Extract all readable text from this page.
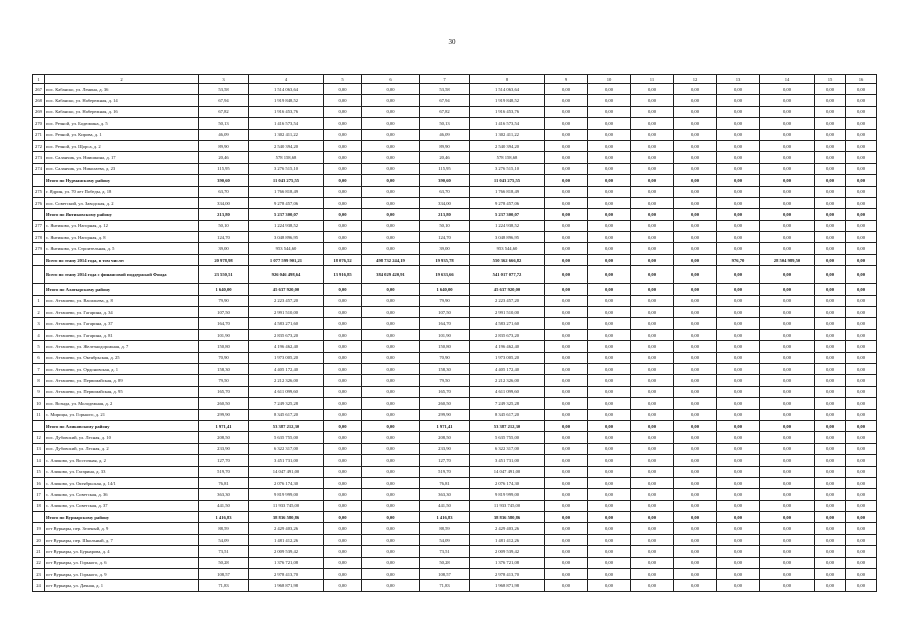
30
1	2	3	4	5	6	7	8	9	10	11	12	13	14	15	16
267	пос. Кабанско, ул. Ленина, д. 36	53,58	1 514 063,64	0,00	0,00	53,58	1 514 063,64	0,00	0,00	0,00	0,00	0,00	0,00	0,00	0,00
268	пос. Кабанско, ул. Набережная, д. 14	67,94	1 919 848,52	0,00	0,00	67,94	1 919 848,52	0,00	0,00	0,00	0,00	0,00	0,00	0,00	0,00
269	пос. Кабанско, ул. Набережная, д. 16	67,82	1 916 453,76	0,00	0,00	67,82	1 916 453,76	0,00	0,00	0,00	0,00	0,00	0,00	0,00	0,00
270	пос. Речной, ул. Бодюмина, д. 5	50,13	1 416 573,54	0,00	0,00	50,13	1 416 573,54	0,00	0,00	0,00	0,00	0,00	0,00	0,00	0,00
271	пос. Речной, ул. Кирова, д. 1	46,09	1 302 411,22	0,00	0,00	46,09	1 302 411,22	0,00	0,00	0,00	0,00	0,00	0,00	0,00	0,00
272	пос. Речной, ул. Щорса, д. 2	89,90	2 540 394,20	0,00	0,00	89,90	2 540 394,20	0,00	0,00	0,00	0,00	0,00	0,00	0,00	0,00
273	пос. Саланчик, ул. Ниишкина, д. 17	20,46	578 158,68	0,00	0,00	20,46	578 158,68	0,00	0,00	0,00	0,00	0,00	0,00	0,00	0,00
274	пос. Саланчик, ул. Николаева, д. 23	115,95	3 276 515,10	0,00	0,00	115,95	3 276 515,10	0,00	0,00	0,00	0,00	0,00	0,00	0,00	0,00
	Итого по Нурманскому району	390,60	11 043 275,55	0,00	0,00	390,60	11 043 275,55	0,00	0,00	0,00	0,00	0,00	0,00	0,00	0,00
275	г. Ядрин, ул. 70 лет Победы, д. 18	63,70	1 766 818,49	0,00	0,00	63,70	1 766 818,49	0,00	0,00	0,00	0,00	0,00	0,00	0,00	0,00
276	пос. Советский, ул. Заводская, д. 2	334,00	9 278 457,06	0,00	0,00	334,00	9 278 457,06	0,00	0,00	0,00	0,00	0,00	0,00	0,00	0,00
	Итого по Янтиковскому району	213,80	5 237 300,07	0,00	0,00	213,80	5 237 300,07	0,00	0,00	0,00	0,00	0,00	0,00	0,00	0,00
277	с. Янтиково, ул. Нагорная, д. 12	50,10	1 224 938,52	0,00	0,00	50,10	1 224 938,52	0,00	0,00	0,00	0,00	0,00	0,00	0,00	0,00
278	с. Янтиково, ул. Нагорная, д. 8	124,70	3 048 896,95	0,00	0,00	124,70	3 048 896,95	0,00	0,00	0,00	0,00	0,00	0,00	0,00	0,00
279	с. Янтиково, ул. Строительная, д. 5	39,00	953 544,60	0,00	0,00	39,00	953 544,60	0,00	0,00	0,00	0,00	0,00	0,00	0,00	0,00
	Всего по этапу 2014 года, в том числе:	20 978,98	1 077 599 901,21	18 076,52	498 732 244,19	19 935,78	550 362 666,82	0,00	0,00	0,00	0,00	976,70	28 504 989,50	0,00	0,00
	Всего по этапу 2014 года с финансовой поддержкой Фонда	23 550,51	926 046 498,64	13 916,85	384 029 420,91	19 633,66	541 017 077,72	0,00	0,00	0,00	0,00	0,00	0,00	0,00	0,00
	Итого по Алатырскому району	1 640,00	45 637 920,00	0,00	0,00	1 640,00	45 637 920,00	0,00	0,00	0,00	0,00	0,00	0,00	0,00	0,00
1	пос. Атташево, ул. Васильева, д. 8	79,90	2 223 457,20	0,00	0,00	79,90	2 223 457,20	0,00	0,00	0,00	0,00	0,00	0,00	0,00	0,00
2	пос. Атташево, ул. Гагарина, д. 34	107,50	2 991 510,00	0,00	0,00	107,50	2 991 510,00	0,00	0,00	0,00	0,00	0,00	0,00	0,00	0,00
3	пос. Атташево, ул. Гагарина, д. 37	164,70	4 583 271,60	0,00	0,00	164,70	4 583 271,60	0,00	0,00	0,00	0,00	0,00	0,00	0,00	0,00
4	пос. Атташево, ул. Гагарина, д. 81	101,90	2 835 673,20	0,00	0,00	101,90	2 835 673,20	0,00	0,00	0,00	0,00	0,00	0,00	0,00	0,00
5	пос. Атташево, ул. Железнодорожная, д. 7	150,80	4 196 462,40	0,00	0,00	150,80	4 196 462,40	0,00	0,00	0,00	0,00	0,00	0,00	0,00	0,00
6	пос. Атташево, ул. Октябрьская, д. 25	70,90	1 973 005,20	0,00	0,00	70,90	1 973 005,20	0,00	0,00	0,00	0,00	0,00	0,00	0,00	0,00
7	пос. Атташево, ул. Ордоновская, д. 1	158,30	4 405 172,40	0,00	0,00	158,30	4 405 172,40	0,00	0,00	0,00	0,00	0,00	0,00	0,00	0,00
8	пос. Атташево, ул. Первомайская, д. 89	79,50	2 212 326,00	0,00	0,00	79,50	2 212 326,00	0,00	0,00	0,00	0,00	0,00	0,00	0,00	0,00
9	пос. Атташево, ул. Первомайская, д. 95	165,70	4 611 099,60	0,00	0,00	165,70	4 611 099,60	0,00	0,00	0,00	0,00	0,00	0,00	0,00	0,00
10	пос. Вознда, ул. Молодежная, д. 2	260,50	7 249 325,28	0,00	0,00	260,50	7 249 325,28	0,00	0,00	0,00	0,00	0,00	0,00	0,00	0,00
11	с. Мирицы, ул. Горького, д. 21	299,90	8 345 617,20	0,00	0,00	299,90	8 345 617,20	0,00	0,00	0,00	0,00	0,00	0,00	0,00	0,00
	Итого по Аликовскому району	1 971,41	53 387 212,30	0,00	0,00	1 971,41	53 387 212,30	0,00	0,00	0,00	0,00	0,00	0,00	0,00	0,00
12	пос. Дубовский, ул. Лесная, д. 10	208,50	5 635 755,00	0,00	0,00	208,50	5 635 755,00	0,00	0,00	0,00	0,00	0,00	0,00	0,00	0,00
13	пос. Дубовский, ул. Лесная, д. 2	233,90	6 322 317,00	0,00	0,00	233,90	6 322 317,00	0,00	0,00	0,00	0,00	0,00	0,00	0,00	0,00
14	с. Аликово, ул. Восточная, д. 2	127,70	3 451 731,00	0,00	0,00	127,70	3 451 731,00	0,00	0,00	0,00	0,00	0,00	0,00	0,00	0,00
15	с. Аликово, ул. Гагарина, д. 33	519,70	14 047 491,00	0,00	0,00	519,70	14 047 491,00	0,00	0,00	0,00	0,00	0,00	0,00	0,00	0,00
16	с. Аликово, ул. Октябрьская, д. 14/1	76,81	2 076 174,30	0,00	0,00	76,81	2 076 174,30	0,00	0,00	0,00	0,00	0,00	0,00	0,00	0,00
17	с. Аликово, ул. Советская, д. 36	363,30	9 819 999,00	0,00	0,00	363,30	9 819 999,00	0,00	0,00	0,00	0,00	0,00	0,00	0,00	0,00
18	с. Аликово, ул. Советская, д. 37	441,50	11 933 745,00	0,00	0,00	441,50	11 933 745,00	0,00	0,00	0,00	0,00	0,00	0,00	0,00	0,00
	Итого по Вурнарскому району	1 416,83	38 836 580,86	0,00	0,00	1 416,83	38 836 580,86	0,00	0,00	0,00	0,00	0,00	0,00	0,00	0,00
19	пгт Вурнары, пер. Зеленый, д. 9	88,59	2 429 403,26	0,00	0,00	88,59	2 429 403,26	0,00	0,00	0,00	0,00	0,00	0,00	0,00	0,00
20	пгт Вурнары, пер. Школьный, д. 7	54,09	1 481 412,26	0,00	0,00	54,09	1 481 412,26	0,00	0,00	0,00	0,00	0,00	0,00	0,00	0,00
21	пгт Вурнары, ул. Бурнарова, д. 4	73,51	2 009 539,42	0,00	0,00	73,51	2 009 539,42	0,00	0,00	0,00	0,00	0,00	0,00	0,00	0,00
22	пгт Вурнары, ул. Горького, д. 6	50,28	1 376 721,08	0,00	0,00	50,28	1 376 721,08	0,00	0,00	0,00	0,00	0,00	0,00	0,00	0,00
23	пгт Вурнары, ул. Горького, д. 9	108,57	2 978 413,70	0,00	0,00	108,57	2 978 413,70	0,00	0,00	0,00	0,00	0,00	0,00	0,00	0,00
24	пгт Вурнары, ул. Дачная, д. 1	71,83	1 968 871,98	0,00	0,00	71,83	1 968 871,98	0,00	0,00	0,00	0,00	0,00	0,00	0,00	0,00
